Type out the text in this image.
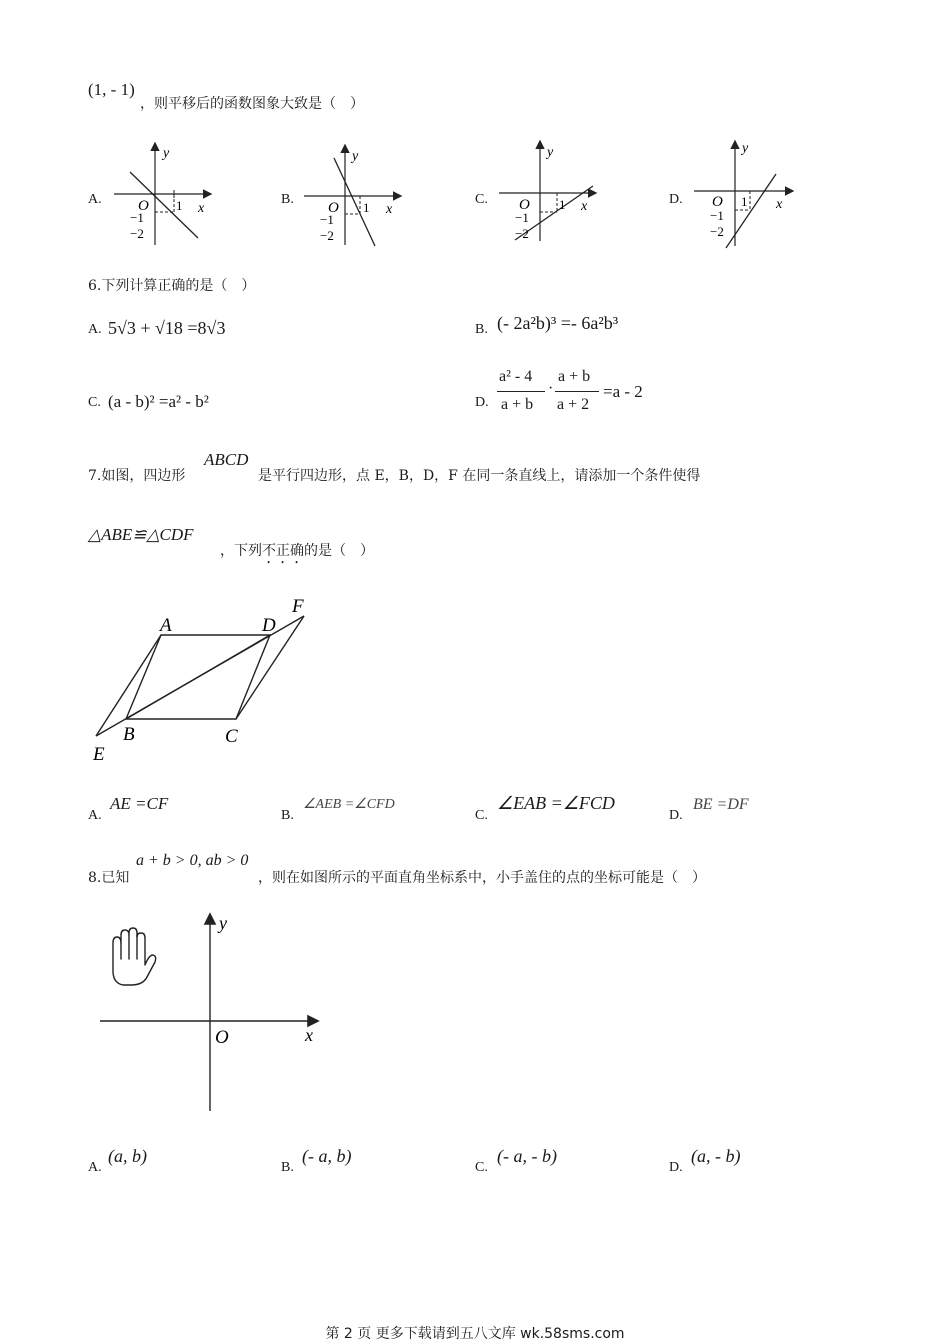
(1, - 1)
，则平移后的函数图象大致是（　）
A.	B.	C.	D.
y
x
O 1
−1
−2
y
x
O 1
−1
−2
y
x
O 1
−1
−2
y
x
O 1
−1
−2
6.下列计算正确的是（　）
A. 5√3 + √18 =8√3	B. (- 2a²b)³ =- 6a²b³
C. (a - b)² =a² - b²	D.
a² - 4
a + b
·
a + b
a + 2
=a - 2
7.如图，四边形
ABCD
是平行四边形，点 E，B，D，F 在同一条直线上，请添加一个条件使得
△ABE≌△CDF
，下列不正确的是（　）
A	D
F
B	C
E
A.
AE =CF
B.
∠AEB =∠CFD
C.
∠EAB =∠FCD
D.
BE =DF
8.已知
a + b > 0, ab > 0
，则在如图所示的平面直角坐标系中，小手盖住的点的坐标可能是（　）
y
x
O
A.
(a, b)
B.
(- a, b)
C.
(- a, - b)
D.
(a, - b)
第 2 页 更多下载请到五八文库 wk.58sms.com
